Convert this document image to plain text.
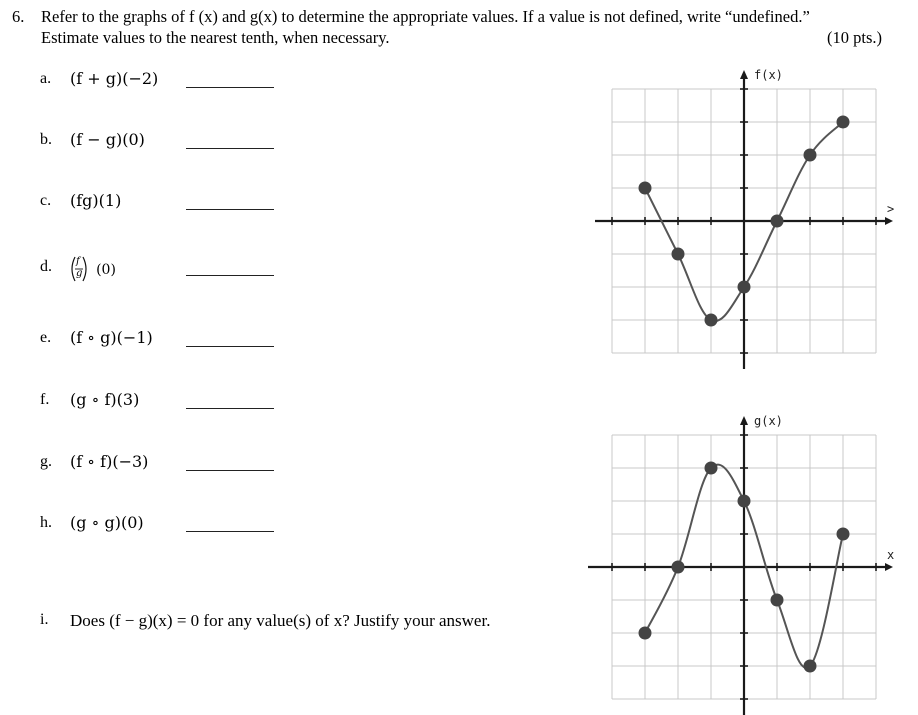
6. Refer to the graphs of f (x) and g(x) to determine the appropriate values. If a value is not defined, write “undefined.”
Estimate values to the nearest tenth, when necessary.	(10 pts.)
a. (f + g)(−2)
b. (f − g)(0)
c. (fg)(1)
d. f
g (0)
e. (f ∘ g)(−1)
f. (g ∘ f)(3)
g. (f ∘ f)(−3)
h. (g ∘ g)(0)
i. Does (f − g)(x) = 0 for any value(s) of x? Justify your answer.
f(x)
>
g(x)
x
